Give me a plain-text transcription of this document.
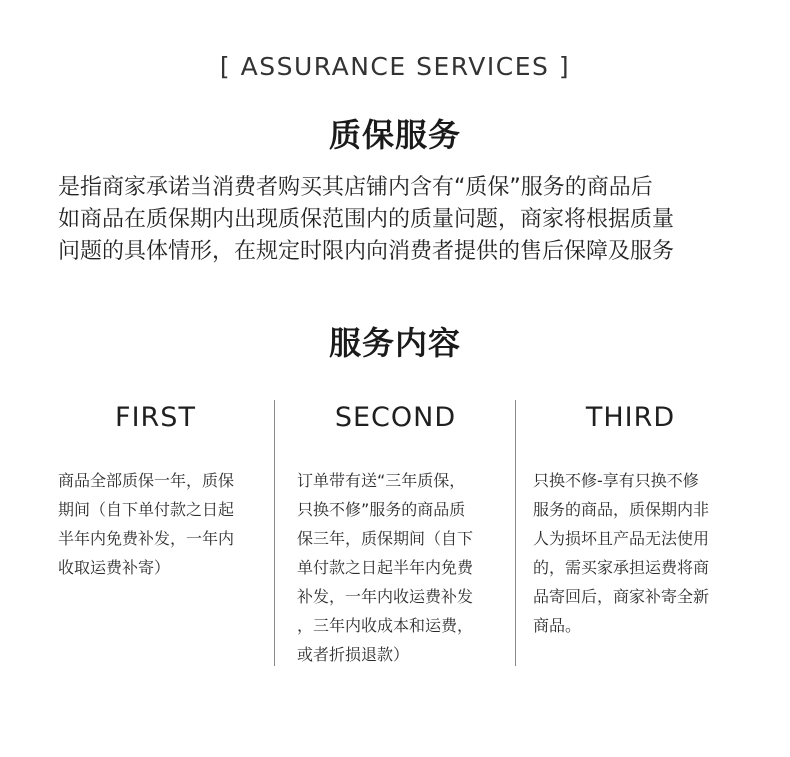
[ ASSURANCE SERVICES ]
质保服务
是指商家承诺当消费者购买其店铺内含有“质保”服务的商品后
如商品在质保期内出现质保范围内的质量问题，商家将根据质量
问题的具体情形，在规定时限内向消费者提供的售后保障及服务
服务内容
FIRST
商品全部质保一年，质保
期间（自下单付款之日起
半年内免费补发，一年内
收取运费补寄）
SECOND
订单带有送“三年质保，
只换不修”服务的商品质
保三年，质保期间（自下
单付款之日起半年内免费
补发，一年内收运费补发
，三年内收成本和运费，
或者折损退款）
THIRD
只换不修-享有只换不修
服务的商品，质保期内非
人为损坏且产品无法使用
的，需买家承担运费将商
品寄回后，商家补寄全新
商品。
